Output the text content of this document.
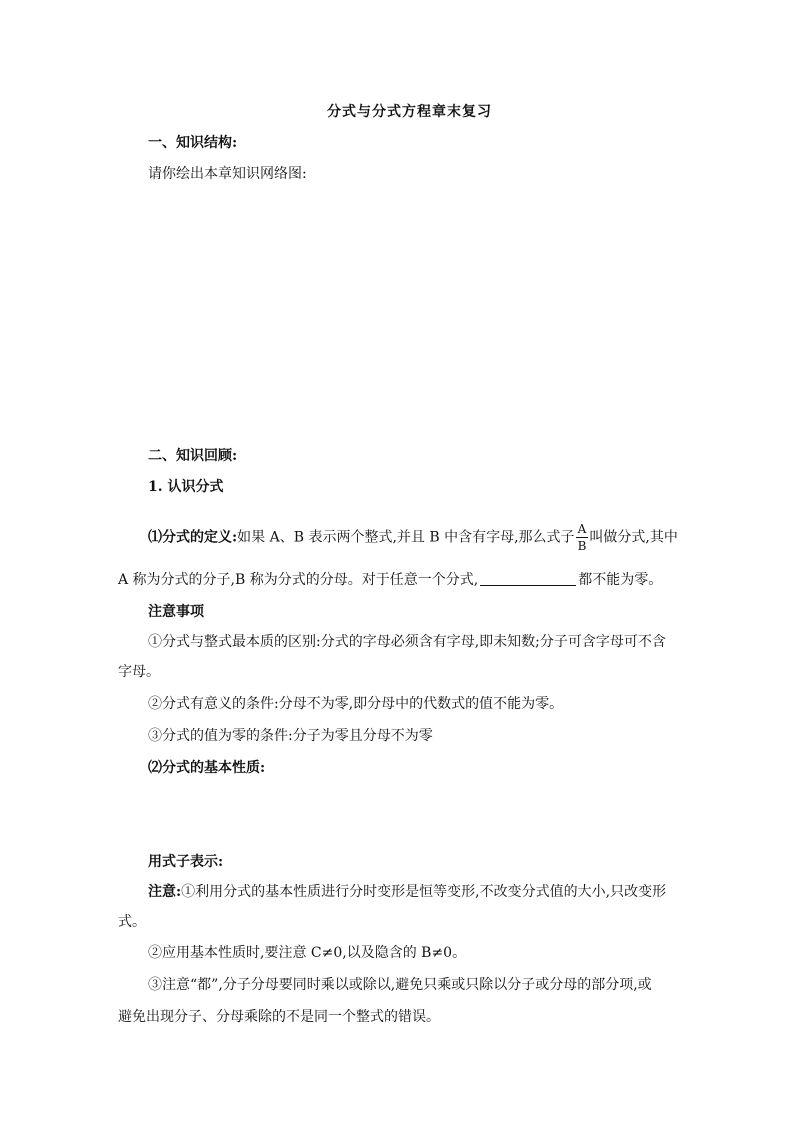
分式与分式方程章末复习
一、知识结构:
请你绘出本章知识网络图:
二、知识回顾:
1. 认识分式
⑴分式的定义:如果 A、B 表示两个整式,并且 B 中含有字母,那么式子 $\frac{A}{B}$ 叫做分式,其中
A 称为分式的分子,B 称为分式的分母。对于任意一个分式,	都不能为零。
注意事项
①分式与整式最本质的区别:分式的字母必须含有字母,即未知数;分子可含字母可不含
字母。
②分式有意义的条件:分母不为零,即分母中的代数式的值不能为零。
③分式的值为零的条件:分子为零且分母不为零
⑵分式的基本性质:
用式子表示:
注意:①利用分式的基本性质进行分时变形是恒等变形,不改变分式值的大小,只改变形
式。
②应用基本性质时,要注意 C≠0,以及隐含的 B≠0。
③注意“都”,分子分母要同时乘以或除以,避免只乘或只除以分子或分母的部分项,或
避免出现分子、分母乘除的不是同一个整式的错误。
